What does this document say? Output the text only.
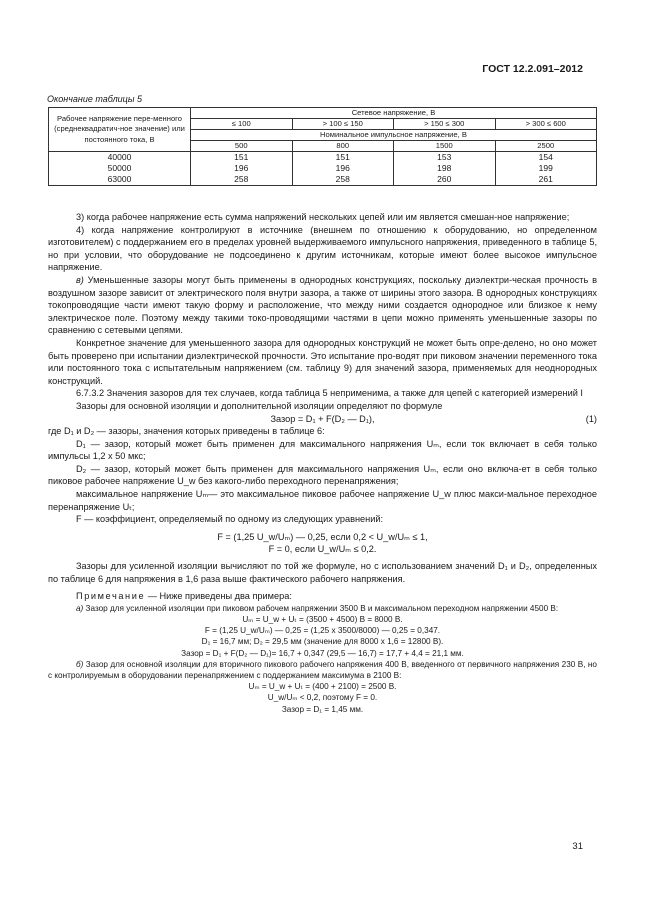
ГОСТ 12.2.091–2012
Окончание таблицы 5
Рабочее напряжение пере-менного (среднеквадратич-ное значение) или постоянного тока, В	Сетевое напряжение, В			
	≤ 100	> 100 ≤ 150	> 150 ≤ 300	> 300 ≤ 600
	Номинальное импульсное напряжение, В			
	500	800	1500	2500
40000	151	151	153	154
50000	196	196	198	199
63000	258	258	260	261

3) когда рабочее напряжение есть сумма напряжений нескольких цепей или им является смешан-ное напряжение;

4) когда напряжение контролируют в источнике (внешнем по отношению к оборудованию, но определенном изготовителем) с поддержанием его в пределах уровней выдерживаемого импульсного напряжения, приведенного в таблице 5, но при условии, что оборудование не подсоединено к другим источникам, которые имеют более высокое импульсное напряжение.

в) Уменьшенные зазоры могут быть применены в однородных конструкциях, поскольку диэлектри-ческая прочность в воздушном зазоре зависит от электрического поля внутри зазора, а также от ширины этого зазора. В однородных конструкциях токопроводящие части имеют такую форму и расположение, что между ними создается однородное или близкое к нему электрическое поле. Поэтому между такими токо-проводящими частями в цепи можно применять уменьшенные зазоры по сравнению с сетевыми цепями.

Конкретное значение для уменьшенного зазора для однородных конструкций не может быть опре-делено, но оно может быть проверено при испытании диэлектрической прочности. Это испытание про-водят при пиковом значении переменного тока или постоянного тока с испытательным напряжением (см. таблицу 9) для значений зазора, применяемых для неоднородных конструкций.

6.7.3.2 Значения зазоров для тех случаев, когда таблица 5 неприменима, а также для цепей с категорией измерений I

Зазоры для основной изоляции и дополнительной изоляции определяют по формуле

Зазор = D₁ + F(D₂ — D₁),	(1)

где D₁ и D₂ — зазоры, значения которых приведены в таблице 6:

D₁ — зазор, который может быть применен для максимального напряжения Uₘ, если ток включает в себя только импульсы 1,2 х 50 мкс;

D₂ — зазор, который может быть применен для максимального напряжения Uₘ, если оно включа-ет в себя только пиковое рабочее напряжение U_w без какого-либо переходного перенапряжения;

максимальное напряжение Uₘ— это максимальное пиковое рабочее напряжение U_w плюс макси-мальное переходное перенапряжение Uₜ;

F — коэффициент, определяемый по одному из следующих уравнений:

F = (1,25 U_w/Uₘ) — 0,25, если 0,2 < U_w/Uₘ ≤ 1,

F = 0, если U_w/Uₘ ≤ 0,2.

Зазоры для усиленной изоляции вычисляют по той же формуле, но с использованием значений D₁ и D₂, определенных по таблице 6 для напряжения в 1,6 раза выше фактического рабочего напряжения.

Примечание — Ниже приведены два примера:

а) Зазор для усиленной изоляции при пиковом рабочем напряжении 3500 В и максимальном переходном напряжении 4500 В:

Uₘ = U_w + Uₜ = (3500 + 4500) В = 8000 В.

F = (1,25 U_w/Uₘ) — 0,25 = (1,25 x 3500/8000) — 0,25 = 0,347.

D₁ = 16,7 мм; D₂ = 29,5 мм (значение для 8000 x 1,6 = 12800 В).

Зазор = D₁ + F(D₂ — D₁)= 16,7 + 0,347 (29,5 — 16,7) = 17,7 + 4,4 = 21,1 мм.

б) Зазор для основной изоляции для вторичного пикового рабочего напряжения 400 В, введенного от первичного напряжения 230 В, но с контролируемым в оборудовании перенапряжением с поддержанием максимума в 2100 В:

Uₘ = U_w + Uₜ = (400 + 2100) = 2500 В.

U_w/Uₘ < 0,2, поэтому F = 0.

Зазор = D₁ = 1,45 мм.

31
